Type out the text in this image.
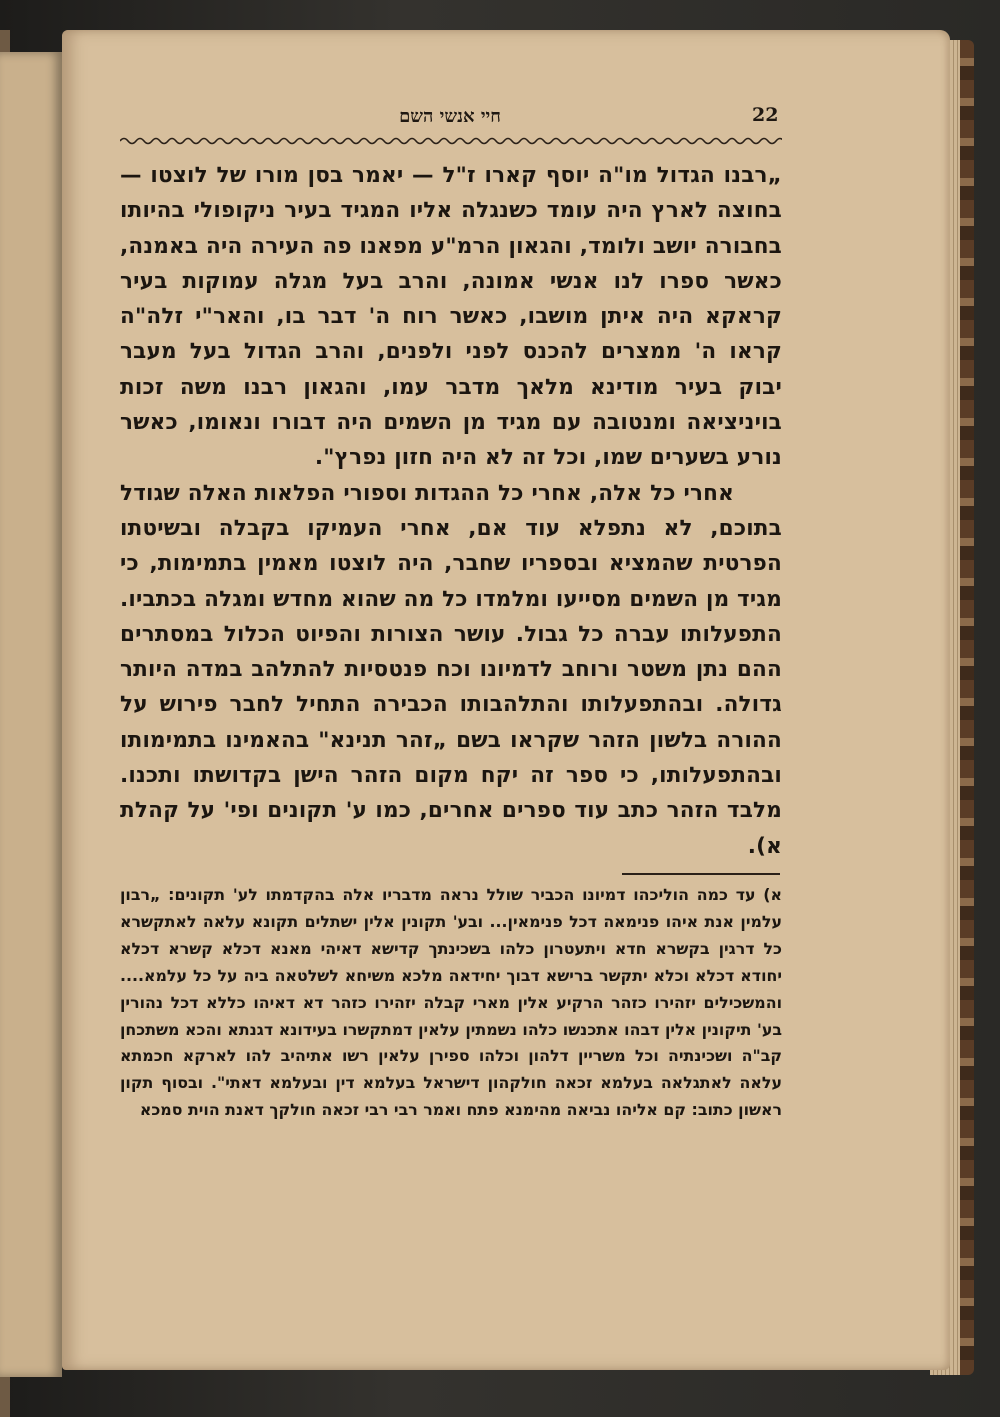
22
חיי אנשי השם

„רבנו הגדול מו"ה יוסף קארו ז"ל — יאמר בסן מורו של לוצטו — בחוצה לארץ היה עומד כשנגלה אליו המגיד בעיר ניקופולי בהיותו בחבורה יושב ולומד, והגאון הרמ"ע מפאנו פה העירה היה באמנה, כאשר ספרו לנו אנשי אמונה, והרב בעל מגלה עמוקות בעיר קראקא היה איתן מושבו, כאשר רוח ה' דבר בו, והאר"י זלה"ה קראו ה' ממצרים להכנס לפני ולפנים, והרב הגדול בעל מעבר יבוק בעיר מודינא מלאך מדבר עמו, והגאון רבנו משה זכות בויניציאה ומנטובה עם מגיד מן השמים היה דבורו ונאומו, כאשר נורע בשערים שמו, וכל זה לא היה חזון נפרץ".

אחרי כל אלה, אחרי כל ההגדות וספורי הפלאות האלה שגודל בתוכם, לא נתפלא עוד אם, אחרי העמיקו בקבלה ובשיטתו הפרטית שהמציא ובספריו שחבר, היה לוצטו מאמין בתמימות, כי מגיד מן השמים מסייעו ומלמדו כל מה שהוא מחדש ומגלה בכתביו. התפעלותו עברה כל גבול. עושר הצורות והפיוט הכלול במסתרים ההם נתן משטר ורוחב לדמיונו וכח פנטסיות להתלהב במדה היותר גדולה. ובהתפעלותו והתלהבותו הכבירה התחיל לחבר פירוש על ההורה בלשון הזהר שקראו בשם „זהר תנינא" בהאמינו בתמימותו ובהתפעלותו, כי ספר זה יקח מקום הזהר הישן בקדושתו ותכנו. מלבד הזהר כתב עוד ספרים אחרים, כמו ע' תקונים ופי' על קהלת א).

א) עד כמה הוליכהו דמיונו הכביר שולל נראה מדבריו אלה בהקדמתו לע' תקונים: „רבון עלמין אנת איהו פנימאה דכל פנימאין... ובע' תקונין אלין ישתלים תקונא עלאה לאתקשרא כל דרגין בקשרא חדא ויתעטרון כלהו בשכינתך קדישא דאיהי מאנא דכלא קשרא דכלא יחודא דכלא וכלא יתקשר ברישא דבוך יחידאה מלכא משיחא לשלטאה ביה על כל עלמא.... והמשכילים יזהירו כזהר הרקיע אלין מארי קבלה יזהירו כזהר דא דאיהו כללא דכל נהורין בע' תיקונין אלין דבהו אתכנשו כלהו נשמתין עלאין דמתקשרו בעידונא דגנתא והכא משתכחן קב"ה ושכינתיה וכל משריין דלהון וכלהו ספירן עלאין רשו אתיהיב להו לארקא חכמתא עלאה לאתגלאה בעלמא זכאה חולקהון דישראל בעלמא דין ובעלמא דאתי". ובסוף תקון ראשון כתוב: קם אליהו נביאה מהימנא פתח ואמר רבי רבי זכאה חולקך דאנת הוית סמכא
